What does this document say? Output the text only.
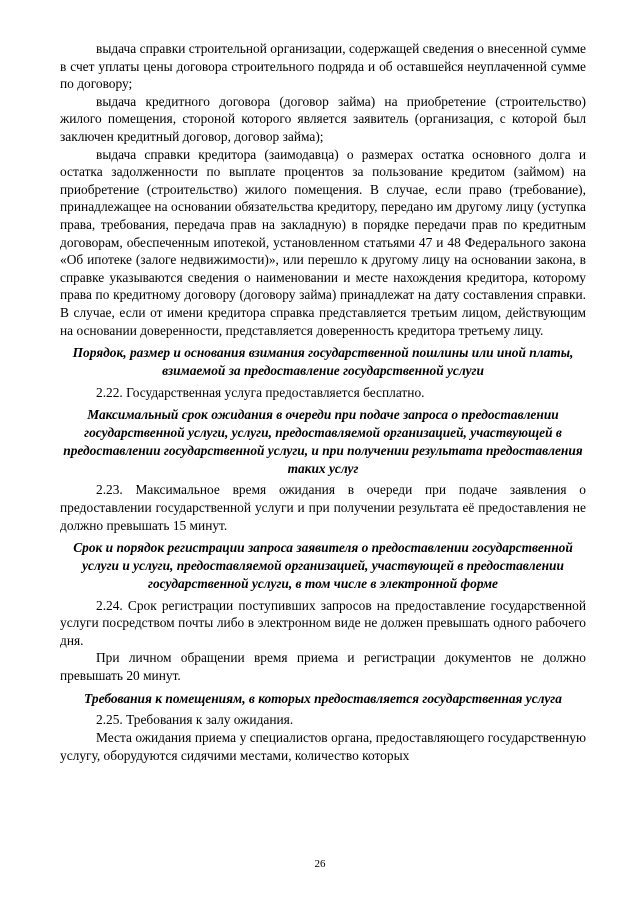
выдача справки строительной организации, содержащей сведения о внесенной сумме в счет уплаты цены договора строительного подряда и об оставшейся неуплаченной сумме по договору;

выдача кредитного договора (договор займа) на приобретение (строительство) жилого помещения, стороной которого является заявитель (организация, с которой был заключен кредитный договор, договор займа);

выдача справки кредитора (заимодавца) о размерах остатка основного долга и остатка задолженности по выплате процентов за пользование кредитом (займом) на приобретение (строительство) жилого помещения. В случае, если право (требование), принадлежащее на основании обязательства кредитору, передано им другому лицу (уступка права, требования, передача прав на закладную) в порядке передачи прав по кредитным договорам, обеспеченным ипотекой, установленном статьями 47 и 48 Федерального закона «Об ипотеке (залоге недвижимости)», или перешло к другому лицу на основании закона, в справке указываются сведения о наименовании и месте нахождения кредитора, которому права по кредитному договору (договору займа) принадлежат на дату составления справки. В случае, если от имени кредитора справка представляется третьим лицом, действующим на основании доверенности, представляется доверенность кредитора третьему лицу.

Порядок, размер и основания взимания государственной пошлины или иной платы, взимаемой за предоставление государственной услуги

2.22. Государственная услуга предоставляется бесплатно.

Максимальный срок ожидания в очереди при подаче запроса о предоставлении государственной услуги, услуги, предоставляемой организацией, участвующей в предоставлении государственной услуги, и при получении результата предоставления таких услуг

2.23. Максимальное время ожидания в очереди при подаче заявления о предоставлении государственной услуги и при получении результата её предоставления не должно превышать 15 минут.

Срок и порядок регистрации запроса заявителя о предоставлении государственной услуги и услуги, предоставляемой организацией, участвующей в предоставлении государственной услуги, в том числе в электронной форме

2.24. Срок регистрации поступивших запросов на предоставление государственной услуги посредством почты либо в электронном виде не должен превышать одного рабочего дня.

При личном обращении время приема и регистрации документов не должно превышать 20 минут.

Требования к помещениям, в которых предоставляется государственная услуга

2.25. Требования к залу ожидания.

Места ожидания приема у специалистов органа, предоставляющего государственную услугу, оборудуются сидячими местами, количество которых

26
